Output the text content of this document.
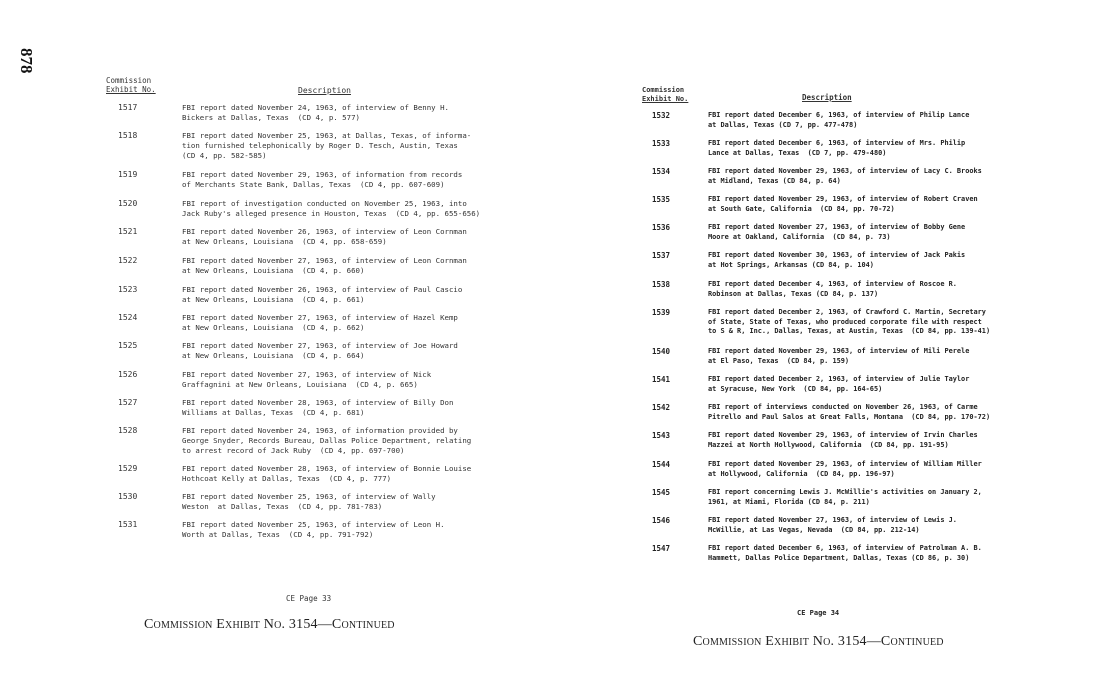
878
Commission
Exhibit No.	Description
1517	FBI report dated November 24, 1963, of interview of Benny H.
Bickers at Dallas, Texas  (CD 4, p. 577)
1518	FBI report dated November 25, 1963, at Dallas, Texas, of informa-
tion furnished telephonically by Roger D. Tesch, Austin, Texas
(CD 4, pp. 582-585)
1519	FBI report dated November 29, 1963, of information from records
of Merchants State Bank, Dallas, Texas  (CD 4, pp. 607-609)
1520	FBI report of investigation conducted on November 25, 1963, into
Jack Ruby's alleged presence in Houston, Texas  (CD 4, pp. 655-656)
1521	FBI report dated November 26, 1963, of interview of Leon Cornman
at New Orleans, Louisiana  (CD 4, pp. 658-659)
1522	FBI report dated November 27, 1963, of interview of Leon Cornman
at New Orleans, Louisiana  (CD 4, p. 660)
1523	FBI report dated November 26, 1963, of interview of Paul Cascio
at New Orleans, Louisiana  (CD 4, p. 661)
1524	FBI report dated November 27, 1963, of interview of Hazel Kemp
at New Orleans, Louisiana  (CD 4, p. 662)
1525	FBI report dated November 27, 1963, of interview of Joe Howard
at New Orleans, Louisiana  (CD 4, p. 664)
1526	FBI report dated November 27, 1963, of interview of Nick
Graffagnini at New Orleans, Louisiana  (CD 4, p. 665)
1527	FBI report dated November 28, 1963, of interview of Billy Don
Williams at Dallas, Texas  (CD 4, p. 681)
1528	FBI report dated November 24, 1963, of information provided by
George Snyder, Records Bureau, Dallas Police Department, relating
to arrest record of Jack Ruby  (CD 4, pp. 697-700)
1529	FBI report dated November 28, 1963, of interview of Bonnie Louise
Hothcoat Kelly at Dallas, Texas  (CD 4, p. 777)
1530	FBI report dated November 25, 1963, of interview of Wally
Weston  at Dallas, Texas  (CD 4, pp. 781-783)
1531	FBI report dated November 25, 1963, of interview of Leon H.
Worth at Dallas, Texas  (CD 4, pp. 791-792)
CE Page 33
Commission Exhibit No. 3154—Continued
Commission
Exhibit No.	Description
1532	FBI report dated December 6, 1963, of interview of Philip Lance
at Dallas, Texas (CD 7, pp. 477-478)
1533	FBI report dated December 6, 1963, of interview of Mrs. Philip
Lance at Dallas, Texas  (CD 7, pp. 479-480)
1534	FBI report dated November 29, 1963, of interview of Lacy C. Brooks
at Midland, Texas (CD 84, p. 64)
1535	FBI report dated November 29, 1963, of interview of Robert Craven
at South Gate, California  (CD 84, pp. 70-72)
1536	FBI report dated November 27, 1963, of interview of Bobby Gene
Moore at Oakland, California  (CD 84, p. 73)
1537	FBI report dated November 30, 1963, of interview of Jack Pakis
at Hot Springs, Arkansas (CD 84, p. 104)
1538	FBI report dated December 4, 1963, of interview of Roscoe R.
Robinson at Dallas, Texas (CD 84, p. 137)
1539	FBI report dated December 2, 1963, of Crawford C. Martin, Secretary
of State, State of Texas, who produced corporate file with respect
to S & R, Inc., Dallas, Texas, at Austin, Texas  (CD 84, pp. 139-41)
1540	FBI report dated November 29, 1963, of interview of Mili Perele
at El Paso, Texas  (CD 84, p. 159)
1541	FBI report dated December 2, 1963, of interview of Julie Taylor
at Syracuse, New York  (CD 84, pp. 164-65)
1542	FBI report of interviews conducted on November 26, 1963, of Carme
Pitrello and Paul Salos at Great Falls, Montana  (CD 84, pp. 170-72)
1543	FBI report dated November 29, 1963, of interview of Irvin Charles
Mazzei at North Hollywood, California  (CD 84, pp. 191-95)
1544	FBI report dated November 29, 1963, of interview of William Miller
at Hollywood, California  (CD 84, pp. 196-97)
1545	FBI report concerning Lewis J. McWillie's activities on January 2,
1961, at Miami, Florida (CD 84, p. 211)
1546	FBI report dated November 27, 1963, of interview of Lewis J.
McWillie, at Las Vegas, Nevada  (CD 84, pp. 212-14)
1547	FBI report dated December 6, 1963, of interview of Patrolman A. B.
Hammett, Dallas Police Department, Dallas, Texas (CD 86, p. 30)
CE Page 34
Commission Exhibit No. 3154—Continued
